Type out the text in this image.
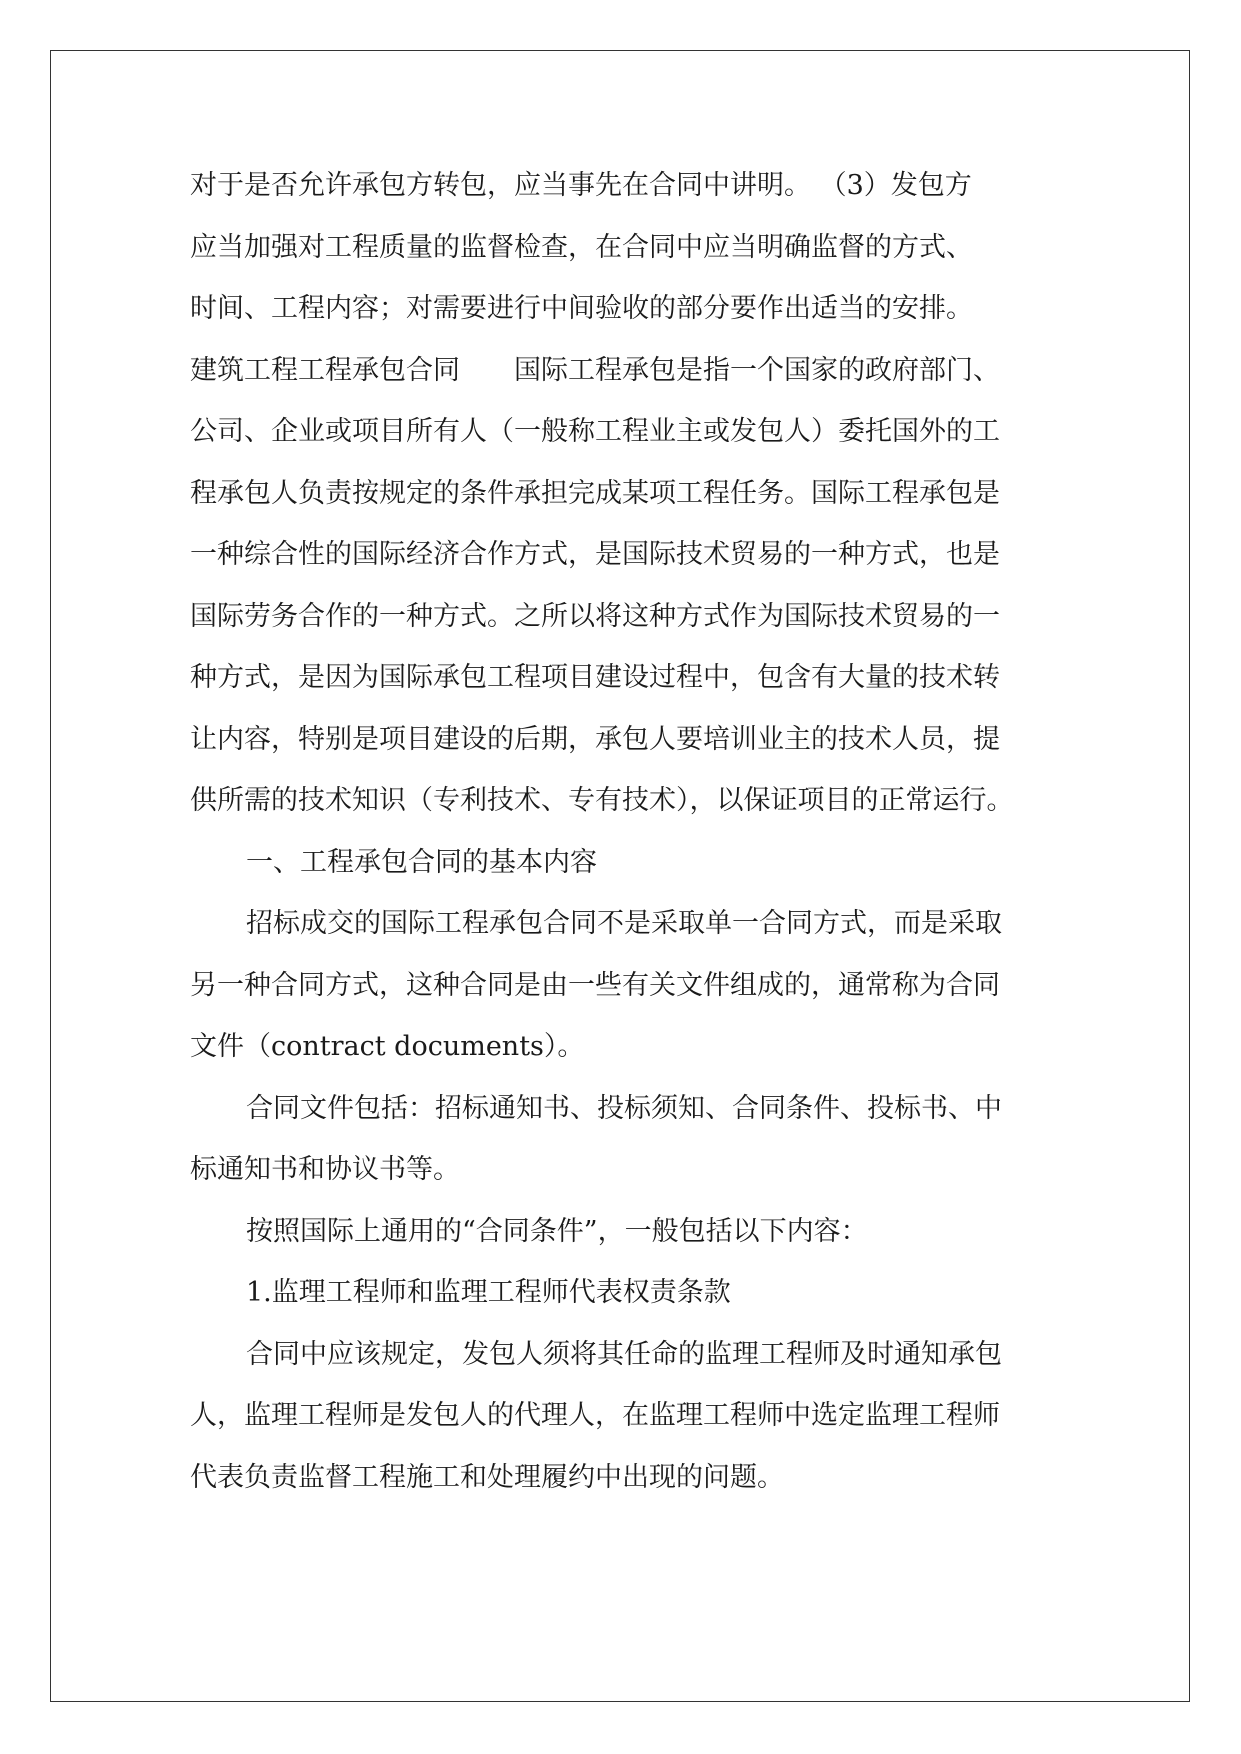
对于是否允许承包方转包，应当事先在合同中讲明。 （3）发包方
应当加强对工程质量的监督检查，在合同中应当明确监督的方式、
时间、工程内容；对需要进行中间验收的部分要作出适当的安排。
建筑工程工程承包合同　　国际工程承包是指一个国家的政府部门、
公司、企业或项目所有人（一般称工程业主或发包人）委托国外的工
程承包人负责按规定的条件承担完成某项工程任务。国际工程承包是
一种综合性的国际经济合作方式，是国际技术贸易的一种方式，也是
国际劳务合作的一种方式。之所以将这种方式作为国际技术贸易的一
种方式，是因为国际承包工程项目建设过程中，包含有大量的技术转
让内容，特别是项目建设的后期，承包人要培训业主的技术人员，提
供所需的技术知识（专利技术、专有技术），以保证项目的正常运行。
一、工程承包合同的基本内容
招标成交的国际工程承包合同不是采取单一合同方式，而是采取
另一种合同方式，这种合同是由一些有关文件组成的，通常称为合同
文件（contract documents）。
合同文件包括：招标通知书、投标须知、合同条件、投标书、中
标通知书和协议书等。
按照国际上通用的“合同条件”，一般包括以下内容：
1.监理工程师和监理工程师代表权责条款
合同中应该规定，发包人须将其任命的监理工程师及时通知承包
人，监理工程师是发包人的代理人，在监理工程师中选定监理工程师
代表负责监督工程施工和处理履约中出现的问题。
